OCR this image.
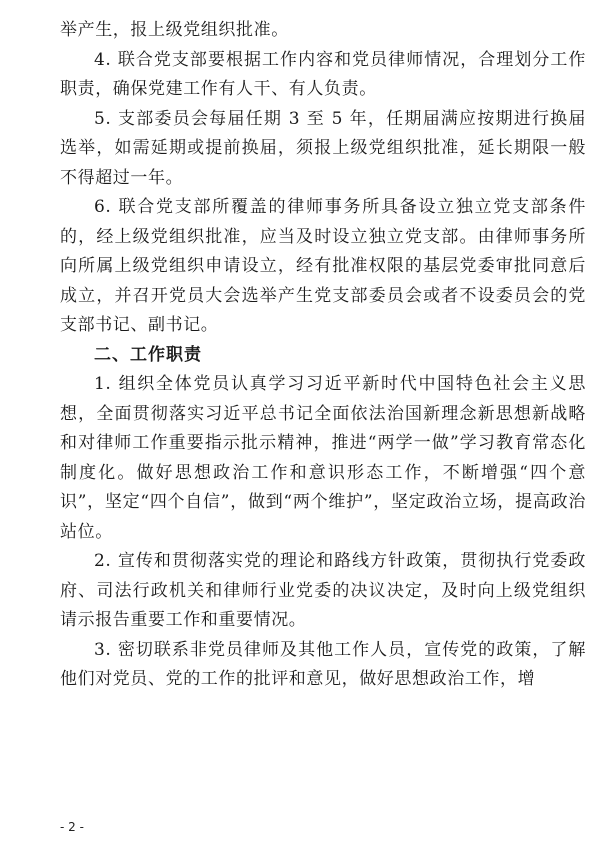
举产生，报上级党组织批准。

4. 联合党支部要根据工作内容和党员律师情况，合理划分工作职责，确保党建工作有人干、有人负责。

5. 支部委员会每届任期 3 至 5 年，任期届满应按期进行换届选举，如需延期或提前换届，须报上级党组织批准，延长期限一般不得超过一年。

6. 联合党支部所覆盖的律师事务所具备设立独立党支部条件的，经上级党组织批准，应当及时设立独立党支部。由律师事务所向所属上级党组织申请设立，经有批准权限的基层党委审批同意后成立，并召开党员大会选举产生党支部委员会或者不设委员会的党支部书记、副书记。

二、工作职责

1. 组织全体党员认真学习习近平新时代中国特色社会主义思想，全面贯彻落实习近平总书记全面依法治国新理念新思想新战略和对律师工作重要指示批示精神，推进“两学一做”学习教育常态化制度化。做好思想政治工作和意识形态工作，不断增强“四个意识”，坚定“四个自信”，做到“两个维护”，坚定政治立场，提高政治站位。

2. 宣传和贯彻落实党的理论和路线方针政策，贯彻执行党委政府、司法行政机关和律师行业党委的决议决定，及时向上级党组织请示报告重要工作和重要情况。

3. 密切联系非党员律师及其他工作人员，宣传党的政策，了解他们对党员、党的工作的批评和意见，做好思想政治工作，增

- 2 -
